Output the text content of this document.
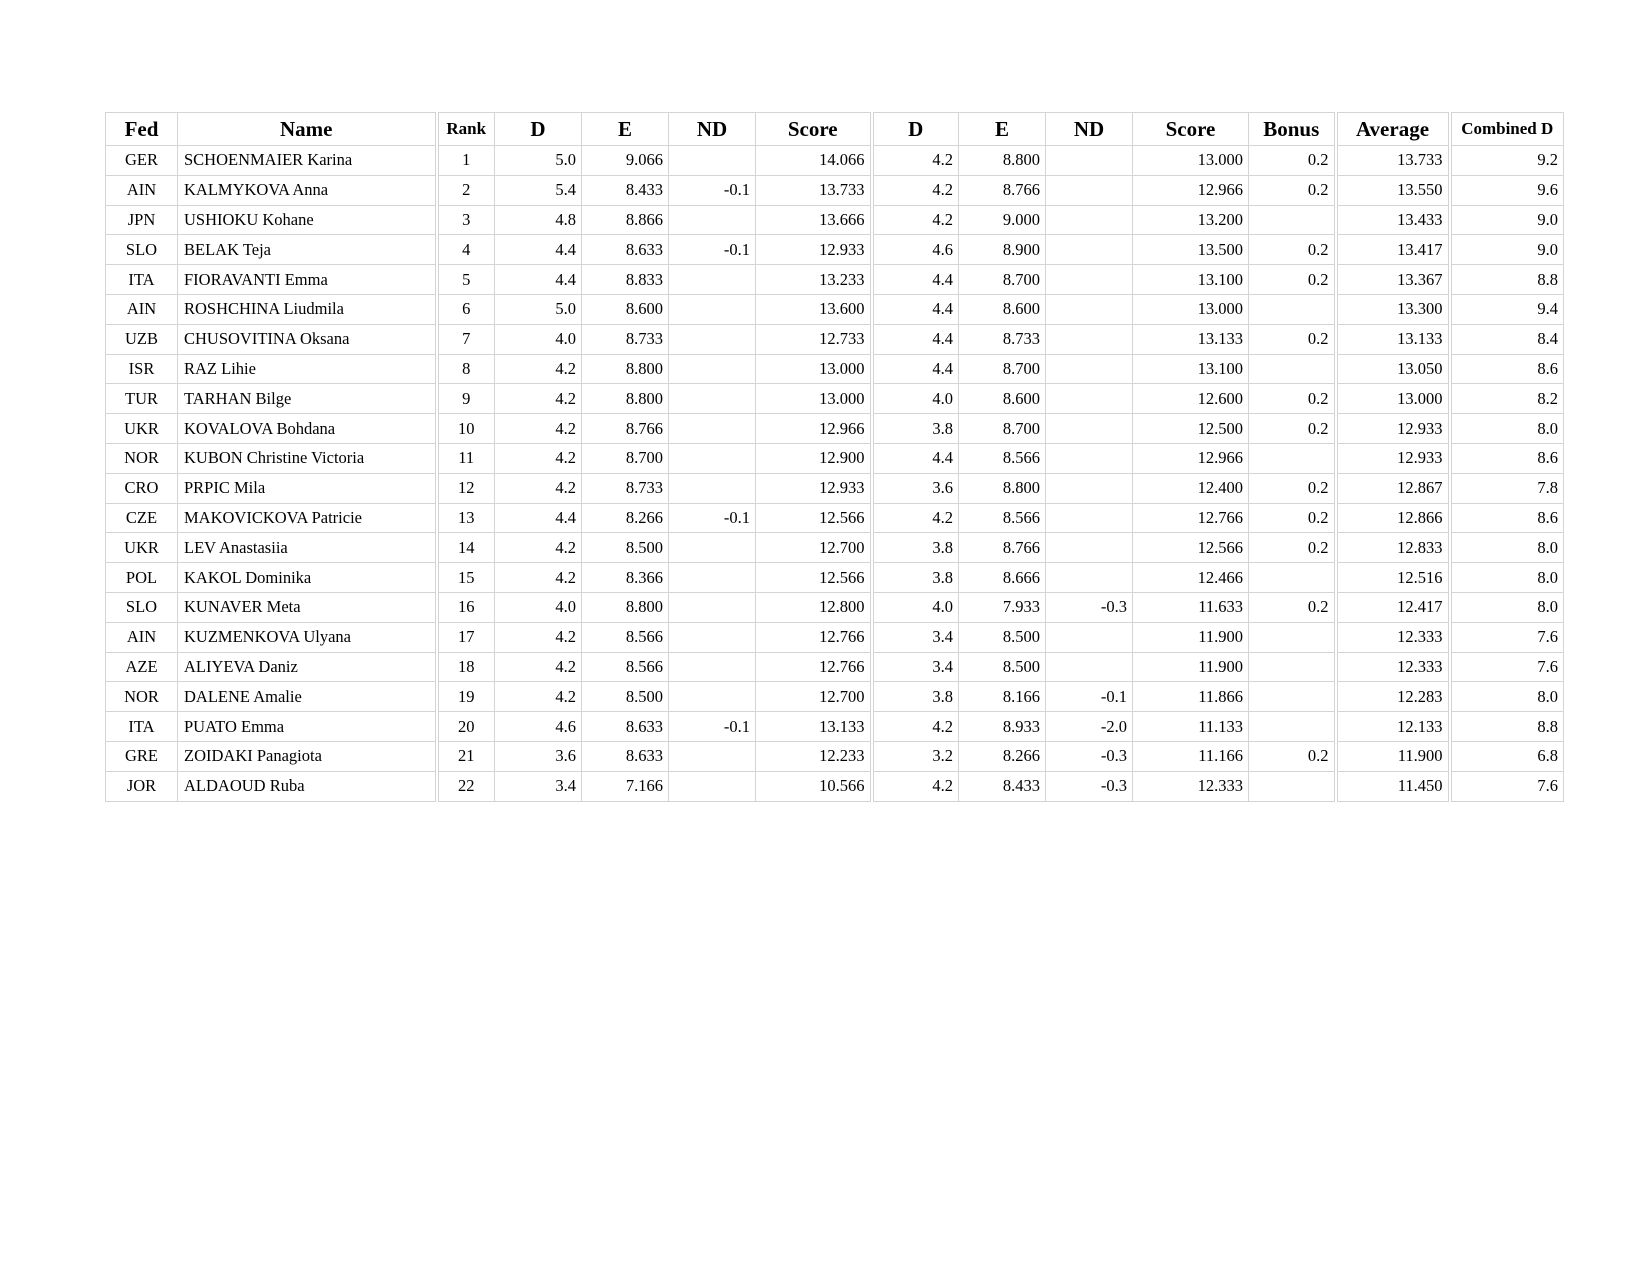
Fed	Name	Rank	D	E	ND	Score	D	E	ND	Score	Bonus	Average	Combined D
GER	SCHOENMAIER Karina	1	5.0	9.066		14.066	4.2	8.800		13.000	0.2	13.733	9.2
AIN	KALMYKOVA Anna	2	5.4	8.433	-0.1	13.733	4.2	8.766		12.966	0.2	13.550	9.6
JPN	USHIOKU Kohane	3	4.8	8.866		13.666	4.2	9.000		13.200		13.433	9.0
SLO	BELAK Teja	4	4.4	8.633	-0.1	12.933	4.6	8.900		13.500	0.2	13.417	9.0
ITA	FIORAVANTI Emma	5	4.4	8.833		13.233	4.4	8.700		13.100	0.2	13.367	8.8
AIN	ROSHCHINA Liudmila	6	5.0	8.600		13.600	4.4	8.600		13.000		13.300	9.4
UZB	CHUSOVITINA Oksana	7	4.0	8.733		12.733	4.4	8.733		13.133	0.2	13.133	8.4
ISR	RAZ Lihie	8	4.2	8.800		13.000	4.4	8.700		13.100		13.050	8.6
TUR	TARHAN Bilge	9	4.2	8.800		13.000	4.0	8.600		12.600	0.2	13.000	8.2
UKR	KOVALOVA Bohdana	10	4.2	8.766		12.966	3.8	8.700		12.500	0.2	12.933	8.0
NOR	KUBON Christine Victoria	11	4.2	8.700		12.900	4.4	8.566		12.966		12.933	8.6
CRO	PRPIC Mila	12	4.2	8.733		12.933	3.6	8.800		12.400	0.2	12.867	7.8
CZE	MAKOVICKOVA Patricie	13	4.4	8.266	-0.1	12.566	4.2	8.566		12.766	0.2	12.866	8.6
UKR	LEV Anastasiia	14	4.2	8.500		12.700	3.8	8.766		12.566	0.2	12.833	8.0
POL	KAKOL Dominika	15	4.2	8.366		12.566	3.8	8.666		12.466		12.516	8.0
SLO	KUNAVER Meta	16	4.0	8.800		12.800	4.0	7.933	-0.3	11.633	0.2	12.417	8.0
AIN	KUZMENKOVA Ulyana	17	4.2	8.566		12.766	3.4	8.500		11.900		12.333	7.6
AZE	ALIYEVA Daniz	18	4.2	8.566		12.766	3.4	8.500		11.900		12.333	7.6
NOR	DALENE Amalie	19	4.2	8.500		12.700	3.8	8.166	-0.1	11.866		12.283	8.0
ITA	PUATO Emma	20	4.6	8.633	-0.1	13.133	4.2	8.933	-2.0	11.133		12.133	8.8
GRE	ZOIDAKI Panagiota	21	3.6	8.633		12.233	3.2	8.266	-0.3	11.166	0.2	11.900	6.8
JOR	ALDAOUD Ruba	22	3.4	7.166		10.566	4.2	8.433	-0.3	12.333		11.450	7.6
